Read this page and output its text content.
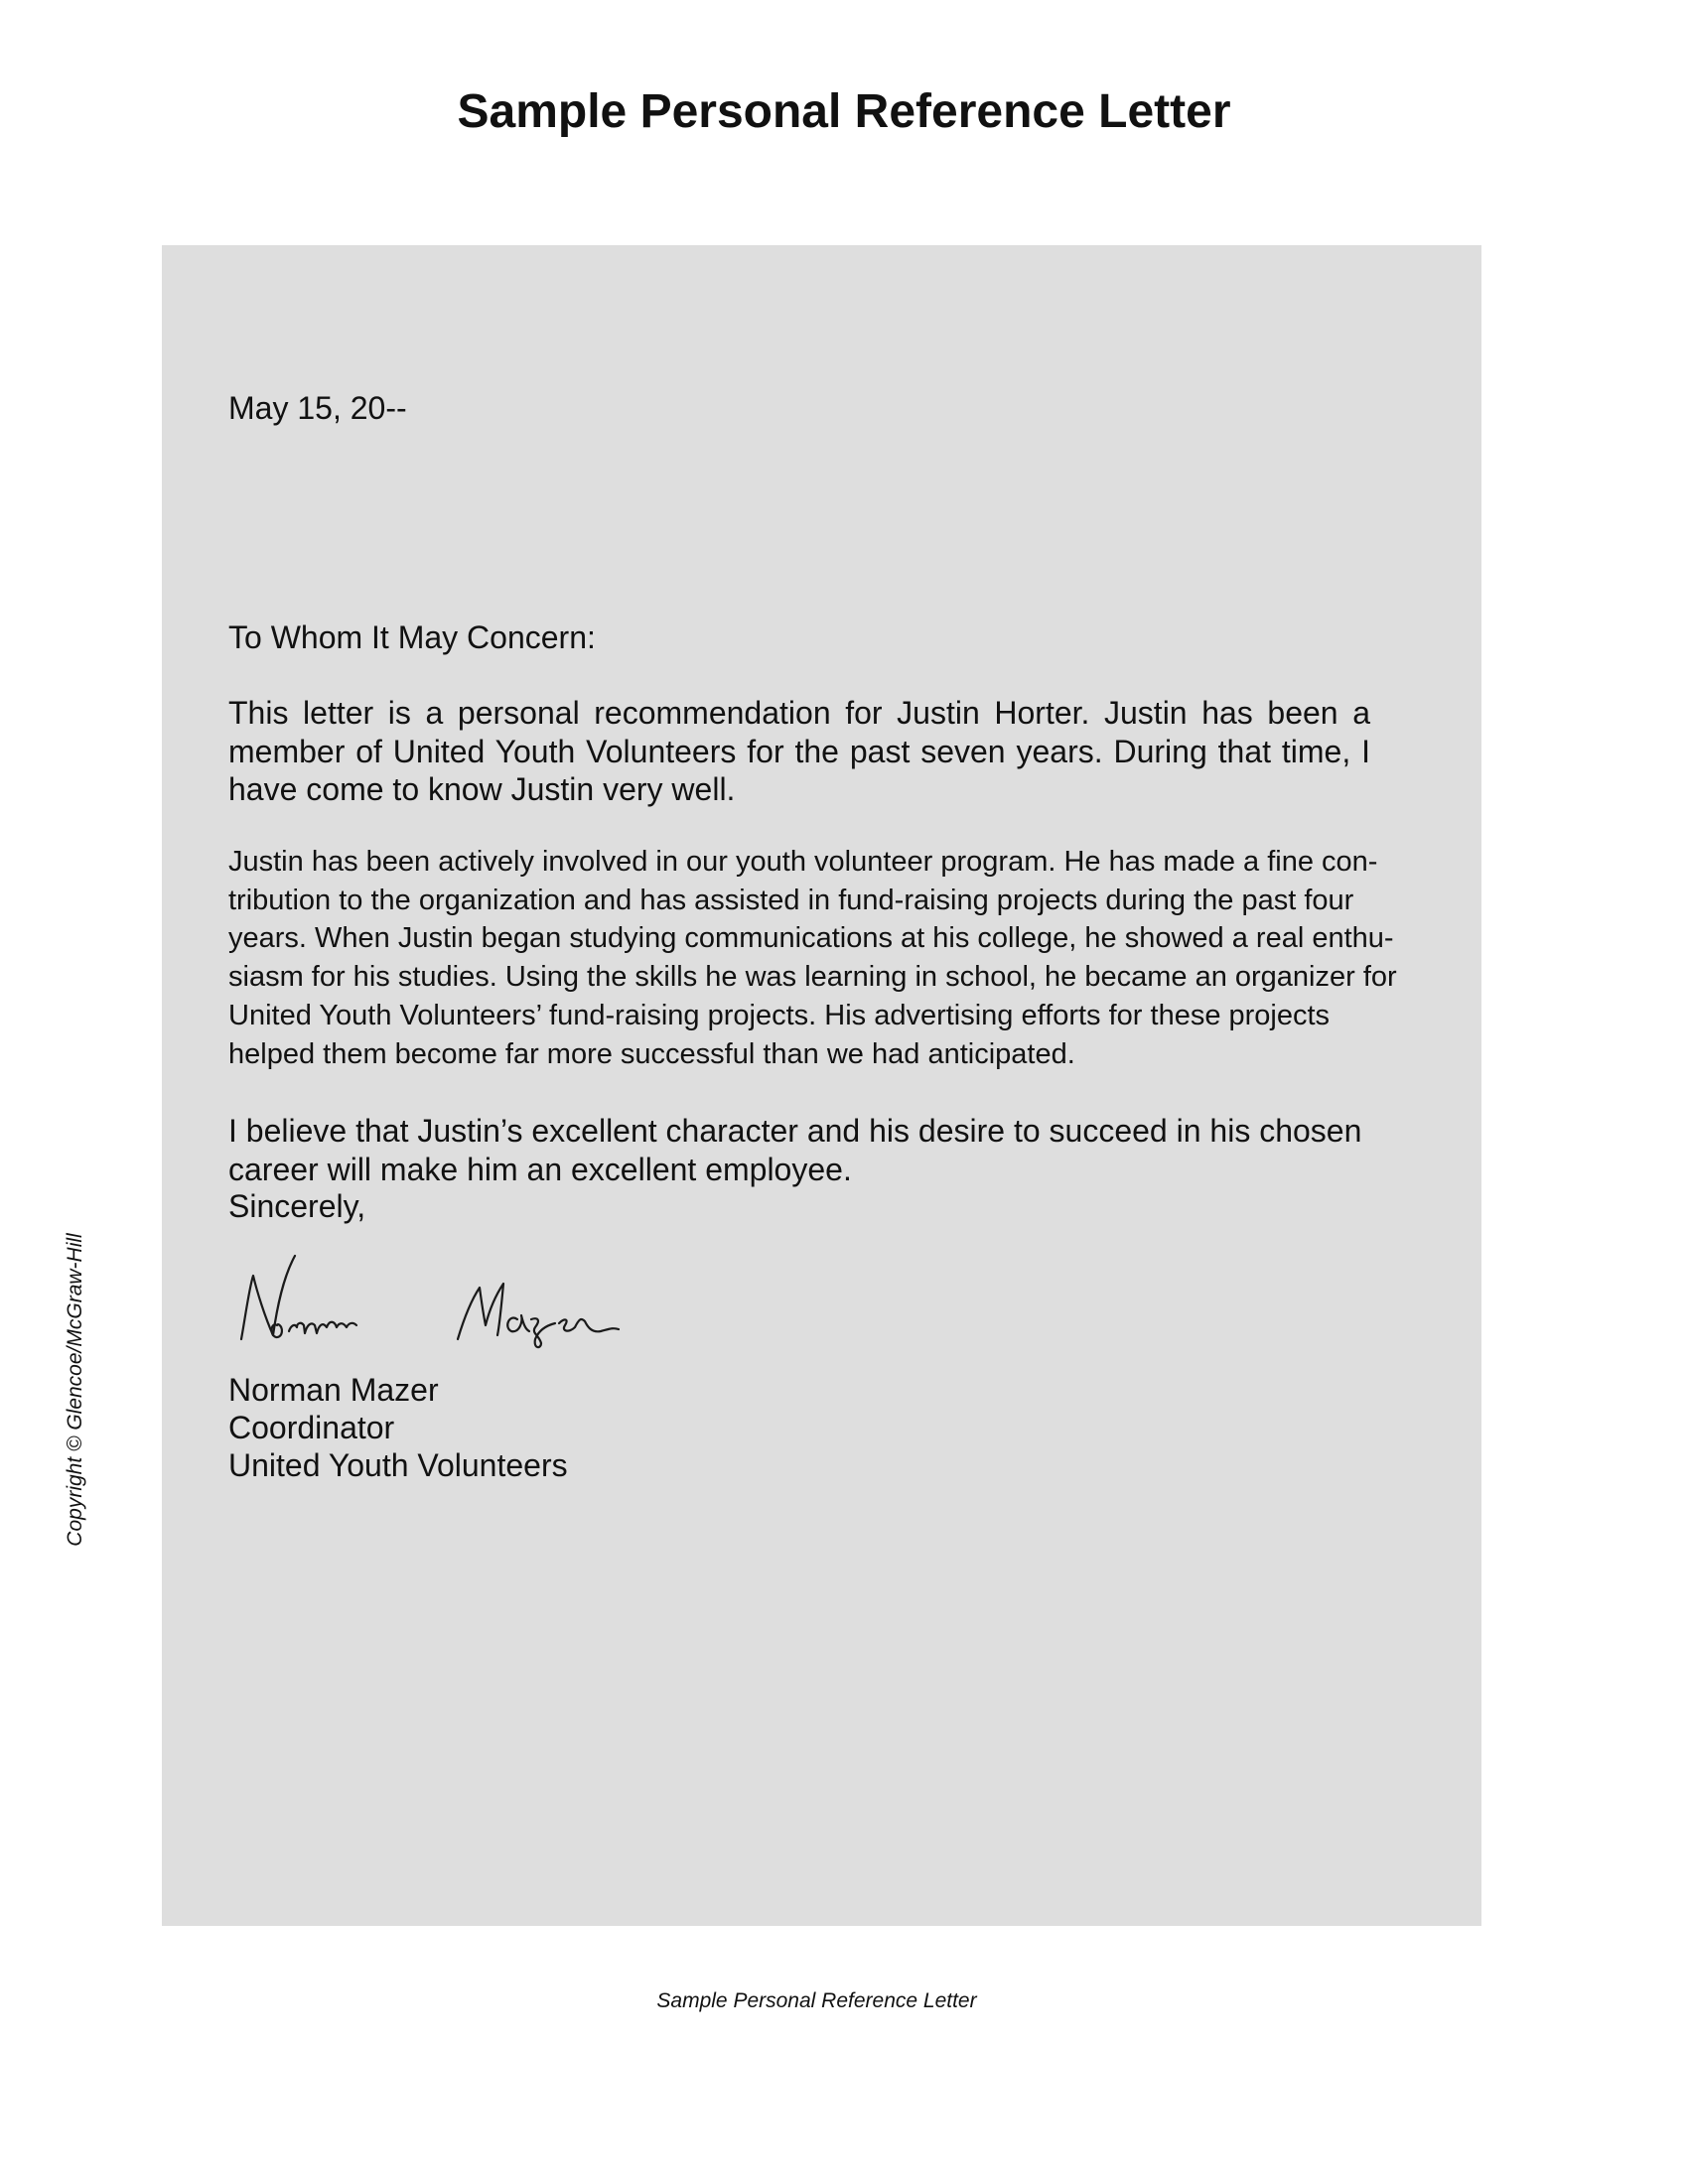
Sample Personal Reference Letter

May 15, 20--

To Whom It May Concern:

This letter is a personal recommendation for Justin Horter. Justin has been a member of United Youth Volunteers for the past seven years. During that time, I have come to know Justin very well.

Justin has been actively involved in our youth volunteer program. He has made a fine con-tribution to the organization and has assisted in fund-raising projects during the past four years. When Justin began studying communications at his college, he showed a real enthu-siasm for his studies. Using the skills he was learning in school, he became an organizer for United Youth Volunteers’ fund-raising projects. His advertising efforts for these projects helped them become far more successful than we had anticipated.

I believe that Justin’s excellent character and his desire to succeed in his chosen career will make him an excellent employee.

Sincerely,

Norman Mazer

Coordinator

United Youth Volunteers

Copyright © Glencoe/McGraw-Hill

Sample Personal Reference Letter
